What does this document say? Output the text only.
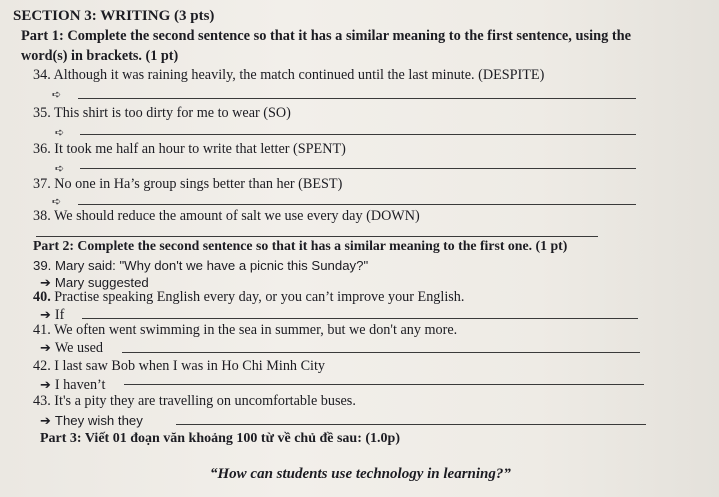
SECTION 3: WRITING (3 pts)
Part 1: Complete the second sentence so that it has a similar meaning to the first sentence, using the
word(s) in brackets. (1 pt)
34. Although it was raining heavily, the match continued until the last minute. (DESPITE)
➪
35. This shirt is too dirty for me to wear (SO)
➪
36. It took me half an hour to write that letter (SPENT)
➪
37. No one in Ha’s group sings better than her (BEST)
➪
38. We should reduce the amount of salt we use every day (DOWN)
Part 2: Complete the second sentence so that it has a similar meaning to the first one. (1 pt)
39. Mary said: "Why don't we have a picnic this Sunday?"
➔ Mary suggested
40. Practise speaking English every day, or you can’t improve your English.
➔ If
41. We often went swimming in the sea in summer, but we don't any more.
➔ We used
42. I last saw Bob when I was in Ho Chi Minh City
➔ I haven’t
43. It's a pity they are travelling on uncomfortable buses.
➔ They wish they
Part 3: Viết 01 đoạn văn khoảng 100 từ về chủ đề sau: (1.0p)
“How can students use technology in learning?”
